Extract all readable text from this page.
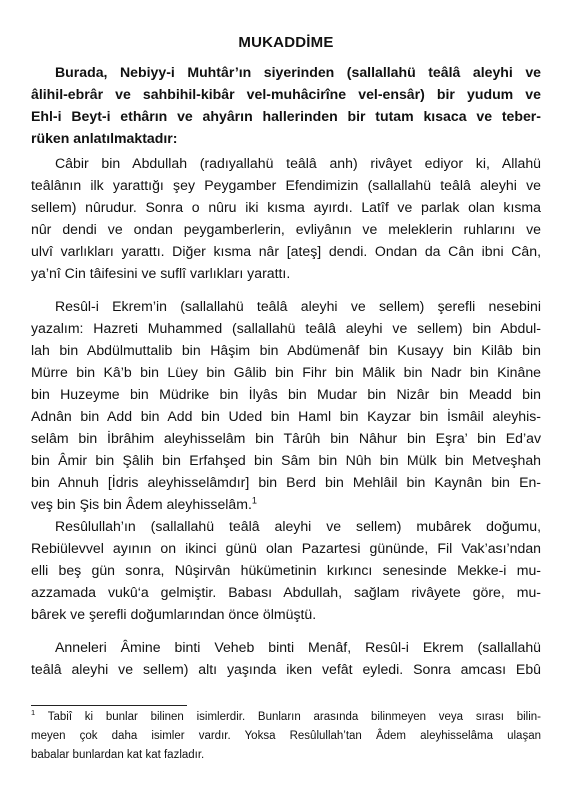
MUKADDİME
Burada, Nebiyy-i Muhtâr’ın siyerinden (sallallahü teâlâ aleyhi ve
âlihil-ebrâr ve sahbihil-kibâr vel-muhâcirîne vel-ensâr) bir yudum ve
Ehl-i Beyt-i ethârın ve ahyârın hallerinden bir tutam kısaca ve teber-
rüken anlatılmaktadır:
Câbir bin Abdullah (radıyallahü teâlâ anh) rivâyet ediyor ki, Allahü
teâlânın ilk yarattığı şey Peygamber Efendimizin (sallallahü teâlâ aleyhi ve
sellem) nûrudur. Sonra o nûru iki kısma ayırdı. Latîf ve parlak olan kısma
nûr dendi ve ondan peygamberlerin, evliyânın ve meleklerin ruhlarını ve
ulvî varlıkları yarattı. Diğer kısma nâr [ateş] dendi. Ondan da Cân ibni Cân,
ya’nî Cin tâifesini ve suflî varlıkları yarattı.
Resûl-i Ekrem’in (sallallahü teâlâ aleyhi ve sellem) şerefli nesebini
yazalım: Hazreti Muhammed (sallallahü teâlâ aleyhi ve sellem) bin Abdul-
lah bin Abdülmuttalib bin Hâşim bin Abdümenâf bin Kusayy bin Kilâb bin
Mürre bin Kâ’b bin Lüey bin Gâlib bin Fihr bin Mâlik bin Nadr bin Kinâne
bin Huzeyme bin Müdrike bin İlyâs bin Mudar bin Nizâr bin Meadd bin
Adnân bin Add bin Add bin Uded bin Haml bin Kayzar bin İsmâil aleyhis-
selâm bin İbrâhim aleyhisselâm bin Târûh bin Nâhur bin Eşra’ bin Ed’av
bin Âmir bin Şâlih bin Erfahşed bin Sâm bin Nûh bin Mülk bin Metveşhah
bin Ahnuh [İdris aleyhisselâmdır] bin Berd bin Mehlâil bin Kaynân bin En-
veş bin Şis bin Âdem aleyhisselâm.$^1$
Resûlullah’ın (sallallahü teâlâ aleyhi ve sellem) mubârek doğumu,
Rebiülevvel ayının on ikinci günü olan Pazartesi gününde, Fil Vak’ası’ndan
elli beş gün sonra, Nûşirvân hükümetinin kırkıncı senesinde Mekke-i mu-
azzamada vukû‘a gelmiştir. Babası Abdullah, sağlam rivâyete göre, mu-
bârek ve şerefli doğumlarından önce ölmüştü.
Anneleri Âmine binti Veheb binti Menâf, Resûl-i Ekrem (sallallahü
teâlâ aleyhi ve sellem) altı yaşında iken vefât eyledi. Sonra amcası Ebû
$^1$ Tabiî ki bunlar bilinen isimlerdir. Bunların arasında bilinmeyen veya sırası bilin-
meyen çok daha isimler vardır. Yoksa Resûlullah’tan Âdem aleyhisselâma ulaşan
babalar bunlardan kat kat fazladır.
